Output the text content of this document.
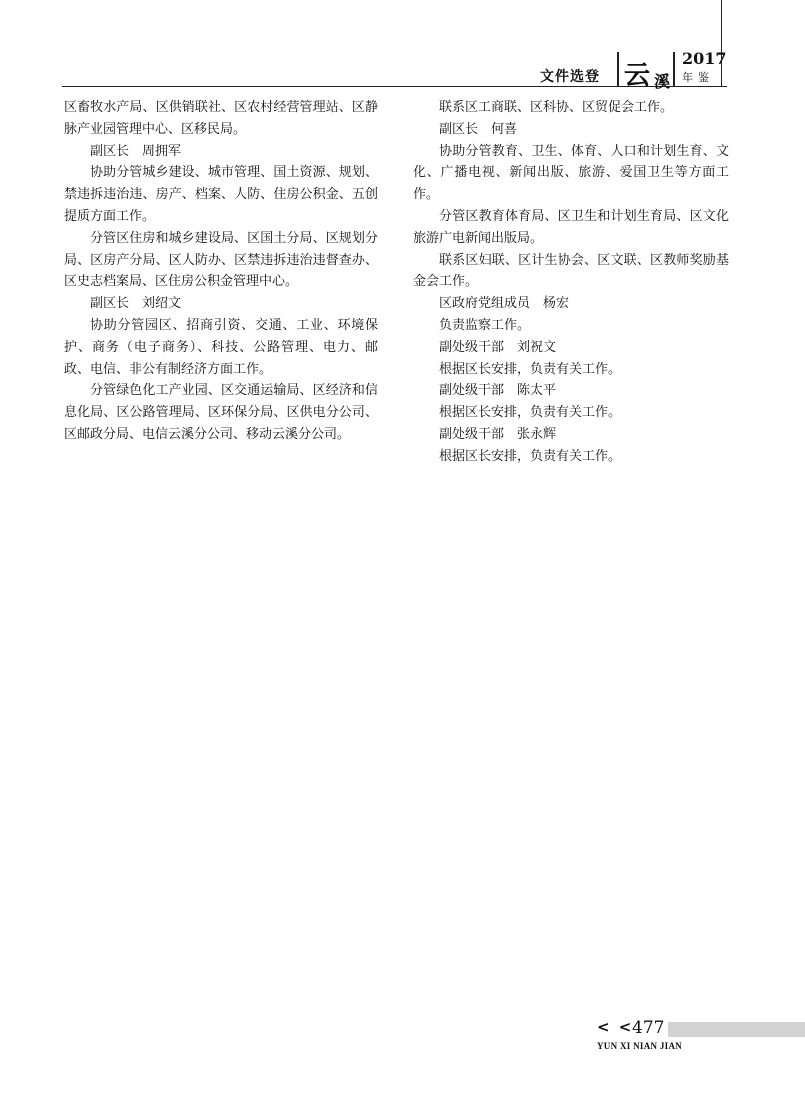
文件选登 云溪
2017
年鉴

区畜牧水产局、区供销联社、区农村经营管理站、区静脉产业园管理中心、区移民局。

副区长　周拥军

协助分管城乡建设、城市管理、国土资源、规划、禁违拆违治违、房产、档案、人防、住房公积金、五创提质方面工作。

分管区住房和城乡建设局、区国土分局、区规划分局、区房产分局、区人防办、区禁违拆违治违督查办、区史志档案局、区住房公积金管理中心。

副区长　刘绍文

协助分管园区、招商引资、交通、工业、环境保护、商务（电子商务）、科技、公路管理、电力、邮政、电信、非公有制经济方面工作。

分管绿色化工产业园、区交通运输局、区经济和信息化局、区公路管理局、区环保分局、区供电分公司、区邮政分局、电信云溪分公司、移动云溪分公司。

联系区工商联、区科协、区贸促会工作。

副区长　何喜

协助分管教育、卫生、体育、人口和计划生育、文化、广播电视、新闻出版、旅游、爱国卫生等方面工作。

分管区教育体育局、区卫生和计划生育局、区文化旅游广电新闻出版局。

联系区妇联、区计生协会、区文联、区教师奖励基金会工作。

区政府党组成员　杨宏

负责监察工作。

副处级干部　刘祝文

根据区长安排，负责有关工作。

副处级干部　陈太平

根据区长安排，负责有关工作。

副处级干部　张永辉

根据区长安排，负责有关工作。

< <
477
YUN XI NIAN JIAN
